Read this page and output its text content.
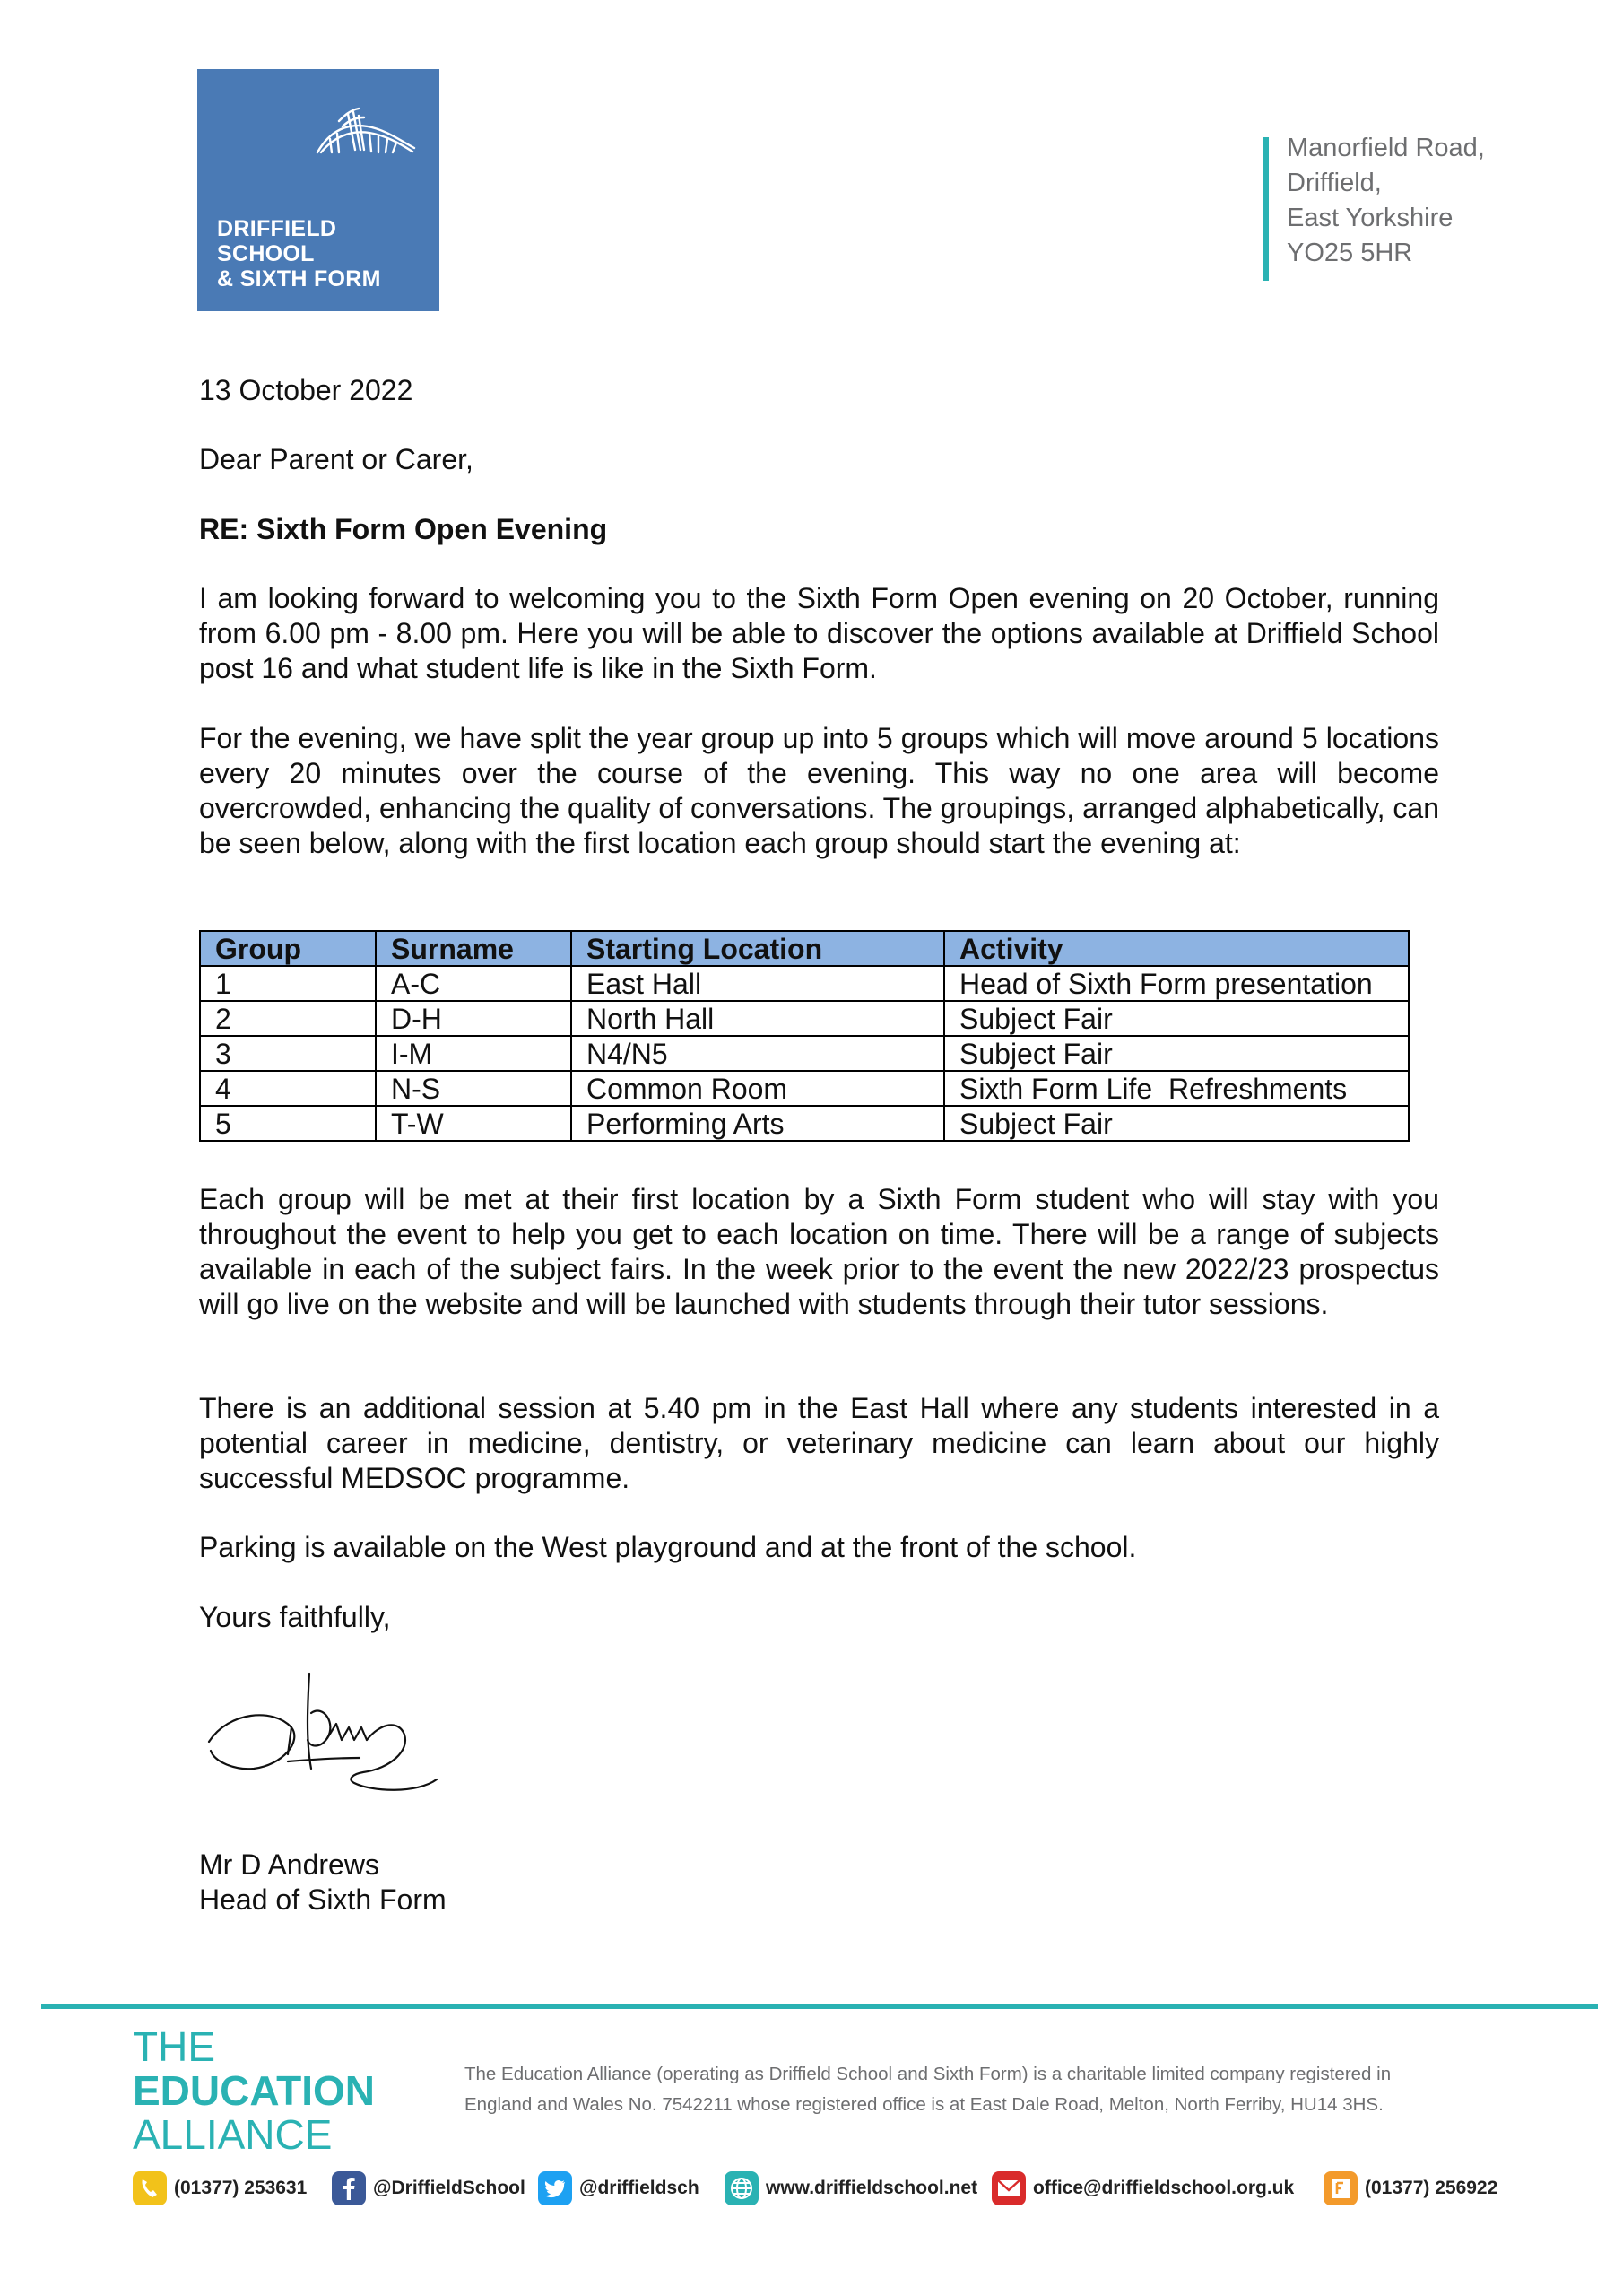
DRIFFIELD
SCHOOL
& SIXTH FORM
Manorfield Road,
Driffield,
East Yorkshire
YO25 5HR
13 October 2022
Dear Parent or Carer,
RE: Sixth Form Open Evening
I am looking forward to welcoming you to the Sixth Form Open evening on 20 October, running from 6.00 pm - 8.00 pm. Here you will be able to discover the options available at Driffield School post 16 and what student life is like in the Sixth Form.
For the evening, we have split the year group up into 5 groups which will move around 5 locations every 20 minutes over the course of the evening. This way no one area will become overcrowded, enhancing the quality of conversations. The groupings, arranged alphabetically, can be seen below, along with the first location each group should start the evening at:
Group	Surname	Starting Location	Activity
1	A-C	East Hall	Head of Sixth Form presentation
2	D-H	North Hall	Subject Fair
3	I-M	N4/N5	Subject Fair
4	N-S	Common Room	Sixth Form Life  Refreshments
5	T-W	Performing Arts	Subject Fair
Each group will be met at their first location by a Sixth Form student who will stay with you throughout the event to help you get to each location on time. There will be a range of subjects available in each of the subject fairs. In the week prior to the event the new 2022/23 prospectus will go live on the website and will be launched with students through their tutor sessions.
There is an additional session at 5.40 pm in the East Hall where any students interested in a potential career in medicine, dentistry, or veterinary medicine can learn about our highly successful MEDSOC programme.
Parking is available on the West playground and at the front of the school.
Yours faithfully,
Mr D Andrews
Head of Sixth Form
THE
EDUCATION
ALLIANCE
The Education Alliance (operating as Driffield School and Sixth Form) is a charitable limited company registered in
England and Wales No. 7542211 whose registered office is at East Dale Road, Melton, North Ferriby, HU14 3HS.
(01377) 253631	@DriffieldSchool	@driffieldsch	www.driffieldschool.net	office@driffieldschool.org.uk	(01377) 256922
